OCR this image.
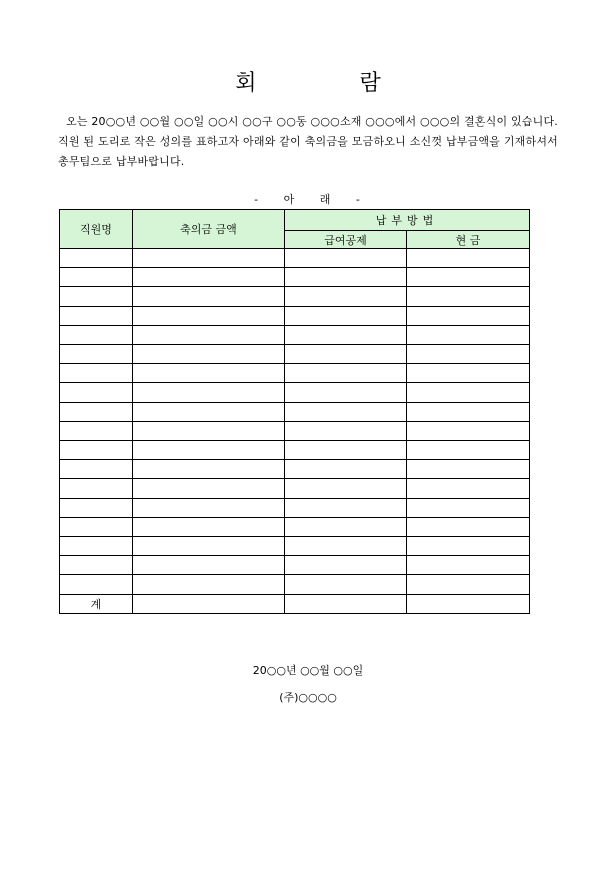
회 람
오는 20○○년 ○○월 ○○일 ○○시 ○○구 ○○동 ○○○소재 ○○○에서 ○○○의 결혼식이 있습니다. 직원 된 도리로 작은 성의를 표하고자 아래와 같이 축의금을 모금하오니 소신껏 납부금액을 기재하셔서 총무팀으로 납부바랍니다.
- 아 래 -
직원명	축의금 금액	납부방법	
		급여공제	현 금

계			
20○○년 ○○월 ○○일
(주)○○○○
